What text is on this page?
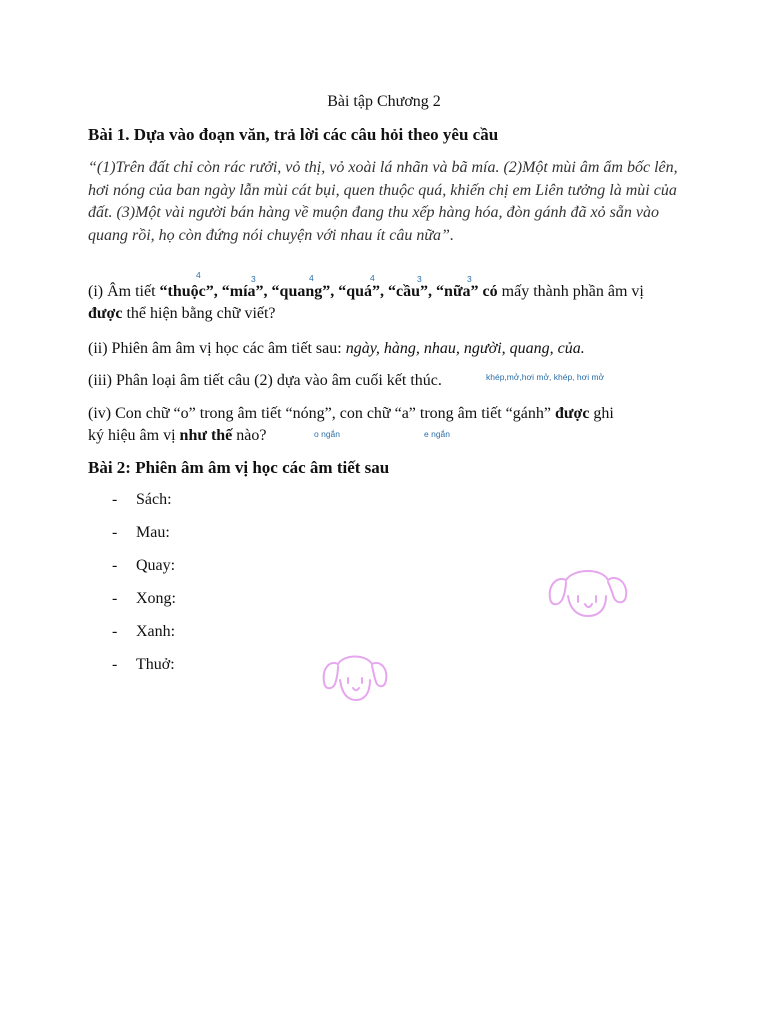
Bài tập Chương 2
Bài 1. Dựa vào đoạn văn, trả lời các câu hỏi theo yêu cầu
“(1)Trên đất chỉ còn rác rưởi, vỏ thị, vỏ xoài lá nhãn và bã mía. (2)Một mùi âm ẩm bốc lên, hơi nóng của ban ngày lẫn mùi cát bụi, quen thuộc quá, khiến chị em Liên tưởng là mùi của đất. (3)Một vài người bán hàng về muộn đang thu xếp hàng hóa, đòn gánh đã xỏ sẵn vào quang rồi, họ còn đứng nói chuyện với nhau ít câu nữa”.
4	3	4	4	3	3
(i) Âm tiết “thuộc”, “mía”, “quang”, “quá”, “cầu”, “nữa” có mấy thành phần âm vị được thể hiện bằng chữ viết?
(ii) Phiên âm âm vị học các âm tiết sau: ngày, hàng, nhau, người, quang, của.
(iii) Phân loại âm tiết câu (2) dựa vào âm cuối kết thúc.	khép,mở,hơi mở, khép, hơi mở
(iv) Con chữ “o” trong âm tiết “nóng”, con chữ “a” trong âm tiết “gánh” được ghi
ký hiệu âm vị như thế nào?	o ngắn	e ngắn
Bài 2: Phiên âm âm vị học các âm tiết sau
- Sách:
- Mau:
- Quay:
- Xong:
- Xanh:
- Thuở:
